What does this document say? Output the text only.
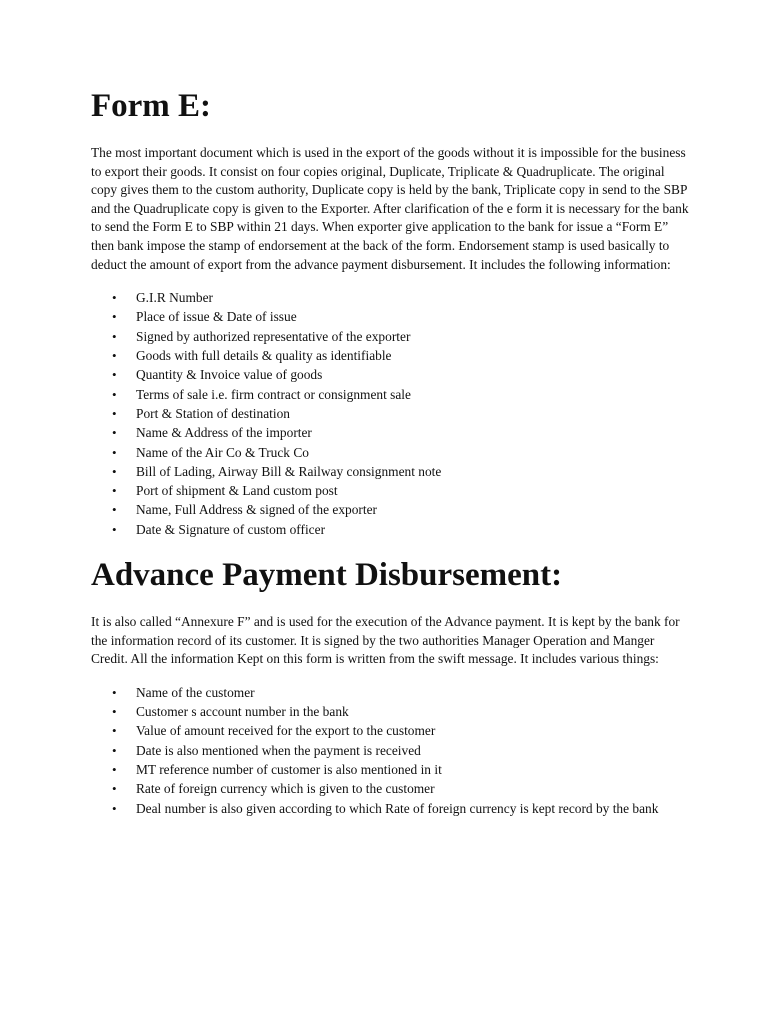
Form E:

The most important document which is used in the export of the goods without it is impossible for the business to export their goods. It consist on four copies original, Duplicate, Triplicate & Quadruplicate. The original copy gives them to the custom authority, Duplicate copy is held by the bank, Triplicate copy in send to the SBP and the Quadruplicate copy is given to the Exporter. After clarification of the e form it is necessary for the bank to send the Form E to SBP within 21 days. When exporter give application to the bank for issue a “Form E” then bank impose the stamp of endorsement at the back of the form. Endorsement stamp is used basically to deduct the amount of export from the advance payment disbursement. It includes the following information:

• G.I.R Number
• Place of issue & Date of issue
• Signed by authorized representative of the exporter
• Goods with full details & quality as identifiable
• Quantity & Invoice value of goods
• Terms of sale i.e. firm contract or consignment sale
• Port & Station of destination
• Name & Address of the importer
• Name of the Air Co & Truck Co
• Bill of Lading, Airway Bill & Railway consignment note
• Port of shipment & Land custom post
• Name, Full Address & signed of the exporter
• Date & Signature of custom officer
Advance Payment Disbursement:

It is also called “Annexure F” and is used for the execution of the Advance payment. It is kept by the bank for the information record of its customer. It is signed by the two authorities Manager Operation and Manger Credit. All the information Kept on this form is written from the swift message. It includes various things:

• Name of the customer
• Customer s account number in the bank
• Value of amount received for the export to the customer
• Date is also mentioned when the payment is received
• MT reference number of customer is also mentioned in it
• Rate of foreign currency which is given to the customer
• Deal number is also given according to which Rate of foreign currency is kept record by the bank
